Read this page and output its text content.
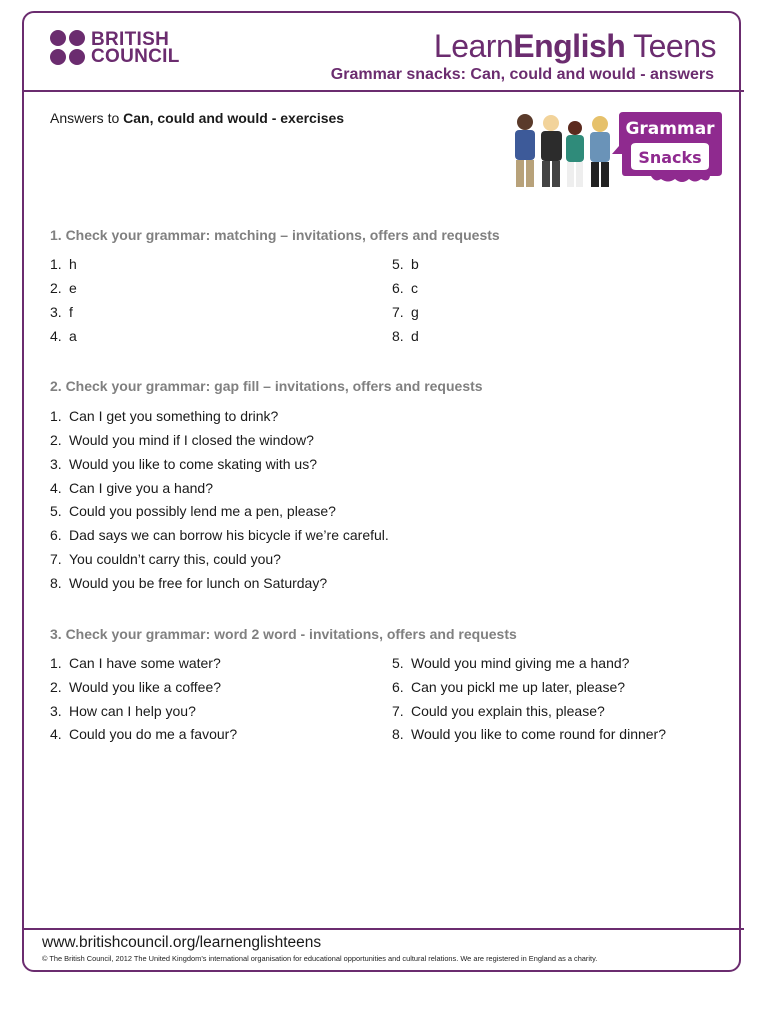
BRITISH
COUNCIL	LearnEnglish Teens
Grammar snacks: Can, could and would - answers
Answers to Can, could and would - exercises
Grammar
Snacks
1. Check your grammar: matching – invitations, offers and requests
1. h
2. e
3. f
4. a
5. b
6. c
7. g
8. d
2. Check your grammar: gap fill – invitations, offers and requests
1. Can I get you something to drink?
2. Would you mind if I closed the window?
3. Would you like to come skating with us?
4. Can I give you a hand?
5. Could you possibly lend me a pen, please?
6. Dad says we can borrow his bicycle if we’re careful.
7. You couldn’t carry this, could you?
8. Would you be free for lunch on Saturday?
3. Check your grammar: word 2 word - invitations, offers and requests
1. Can I have some water?
2. Would you like a coffee?
3. How can I help you?
4. Could you do me a favour?
5. Would you mind giving me a hand?
6. Can you pickl me up later, please?
7. Could you explain this, please?
8. Would you like to come round for dinner?
www.britishcouncil.org/learnenglishteens
© The British Council, 2012 The United Kingdom’s international organisation for educational opportunities and cultural relations. We are registered in England as a charity.
